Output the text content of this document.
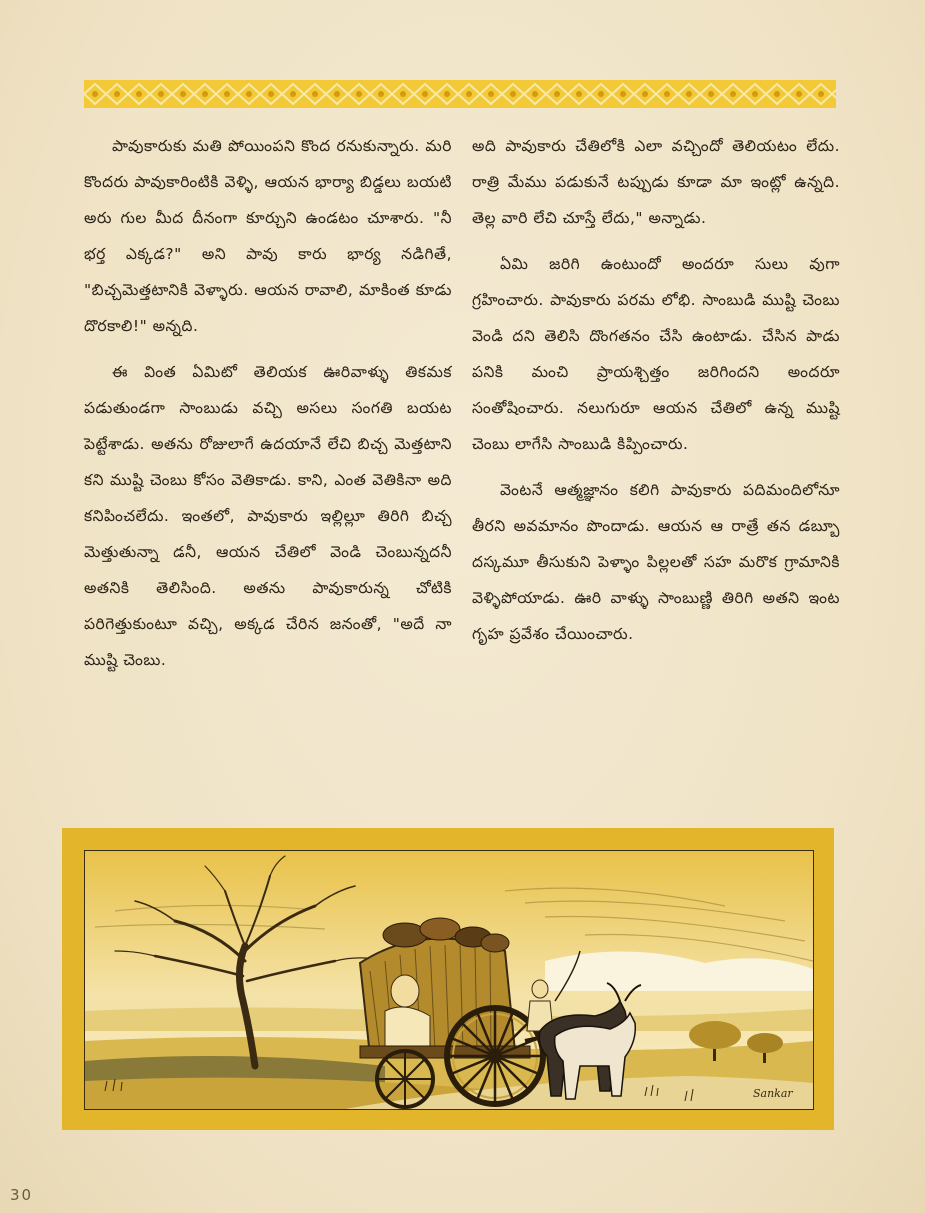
పావుకారుకు మతి పోయింపని కొంద రనుకున్నారు. మరి కొందరు పావుకారింటికి వెళ్ళి, ఆయన భార్యా బిడ్డలు బయటి అరు గుల మీద దీనంగా కూర్చుని ఉండటం చూశారు. "నీ భర్త ఎక్కడ?" అని పావు కారు భార్య నడిగితే, "బిచ్చమెత్తటానికి వెళ్ళారు. ఆయన రావాలి, మాకింత కూడు దొరకాలి!" అన్నది.

ఈ వింత ఏమిటో తెలియక ఊరివాళ్ళు తికమక పడుతుండగా సాంబుడు వచ్చి అసలు సంగతి బయట పెట్టేశాడు. అతను రోజులాగే ఉదయానే లేచి బిచ్చ మెత్తటాని కని ముష్టి చెంబు కోసం వెతికాడు. కాని, ఎంత వెతికినా అది కనిపించలేదు. ఇంతలో, పావుకారు ఇల్లిల్లూ తిరిగి బిచ్చ మెత్తుతున్నా డనీ, ఆయన చేతిలో వెండి చెంబున్నదనీ అతనికి తెలిసింది. అతను పావుకారున్న చోటికి పరిగెత్తుకుంటూ వచ్చి, అక్కడ చేరిన జనంతో, "అదే నా ముష్టి చెంబు.

అది పావుకారు చేతిలోకి ఎలా వచ్చిందో తెలియటం లేదు. రాత్రి మేము పడుకునే టప్పుడు కూడా మా ఇంట్లో ఉన్నది. తెల్ల వారి లేచి చూస్తే లేదు," అన్నాడు.

ఏమి జరిగి ఉంటుందో అందరూ సులు వుగా గ్రహించారు. పావుకారు పరమ లోభి. సాంబుడి ముష్టి చెంబు వెండి దని తెలిసి దొంగతనం చేసి ఉంటాడు. చేసిన పాడు పనికి మంచి ప్రాయశ్చిత్తం జరిగిందని అందరూ సంతోషించారు. నలుగురూ ఆయన చేతిలో ఉన్న ముష్టి చెంబు లాగేసి సాంబుడి కిప్పించారు.

వెంటనే ఆత్మజ్ఞానం కలిగి పావుకారు పదిమందిలోనూ తీరని అవమానం పొందాడు. ఆయన ఆ రాత్రే తన డబ్బూ దస్కమూ తీసుకుని పెళ్ళాం పిల్లలతో సహ మరొక గ్రామానికి వెళ్ళిపోయాడు. ఊరి వాళ్ళు సాంబుణ్ణి తిరిగి అతని ఇంట గృహ ప్రవేశం చేయించారు.

Sankar
30
